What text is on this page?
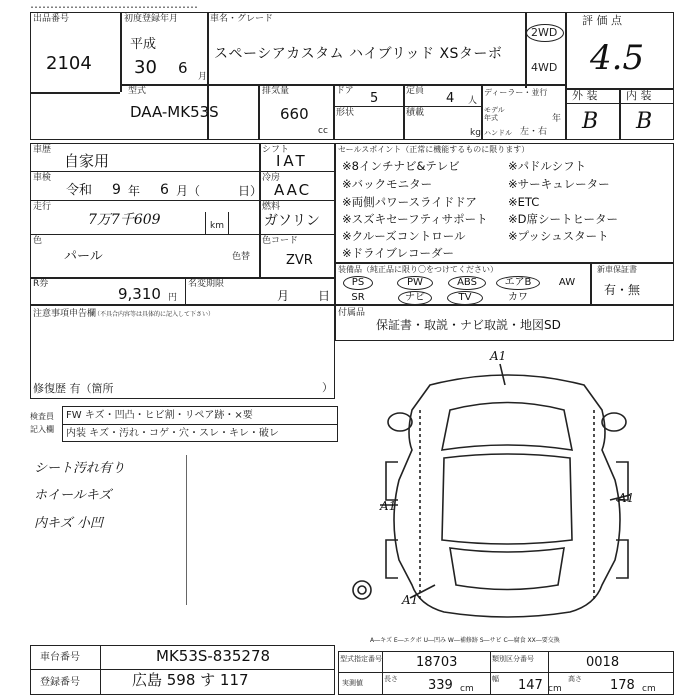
……………………………………
出品番号
2104
初度登録年月
平成
30 6 月
車名・グレード
スペーシアカスタム ハイブリッド XSターボ
2WD
4WD
評 価 点
4.5
型式
DAA-MK53S
排気量
660
cc
ドア 5	定員 4 人
形状	積載
kg
ディーラー・並行
モデル年式	年
ハンドル 左・右
外 装	内 装
B B
車歴
自家用
シフト
IAT
車検
令和 9 年 6 月（	日）
冷房
AAC
走行
7万7千609	km
燃料
ガソリン
色
パール	色替
色コード
ZVR
R券
9,310 円
名変期限
月 日
注意事項申告欄
（不具合内容等は具体的に記入して下さい）
修復歴 有（箇所	）
セールスポイント（正常に機能するものに限ります）
※8インチナビ&テレビ	※パドルシフト
※バックモニター	※サーキュレーター
※両側パワースライドドア	※ETC
※スズキセーフティサポート ※D席シートヒーター
※クルーズコントロール	※プッシュスタート
※ドライブレコーダー
装備品（純正品に限り〇をつけてください）	新車保証書
有・無
PS	PW	ABS	エアB	AW
SR	ナビ	TV	カワ
付属品
保証書・取説・ナビ取説・地図SD
検査員記入欄
FW キズ・凹凸・ヒビ割・リペア跡・×要
内装 キズ・汚れ・コゲ・穴・スレ・キレ・破レ
シート汚れ有り
ホイールキズ
内キズ 小凹
A1
A1
A1
A1
A―キズ E―エクボ U―凹み W―補修跡 S―サビ C―腐食 XX―要交換
車台番号	MK53S-835278
登録番号	広島 598 す 117
型式指定番号	18703	類別区分番号	0018
実測値	長さ 339 cm
幅 147 cm
高さ 178 cm
